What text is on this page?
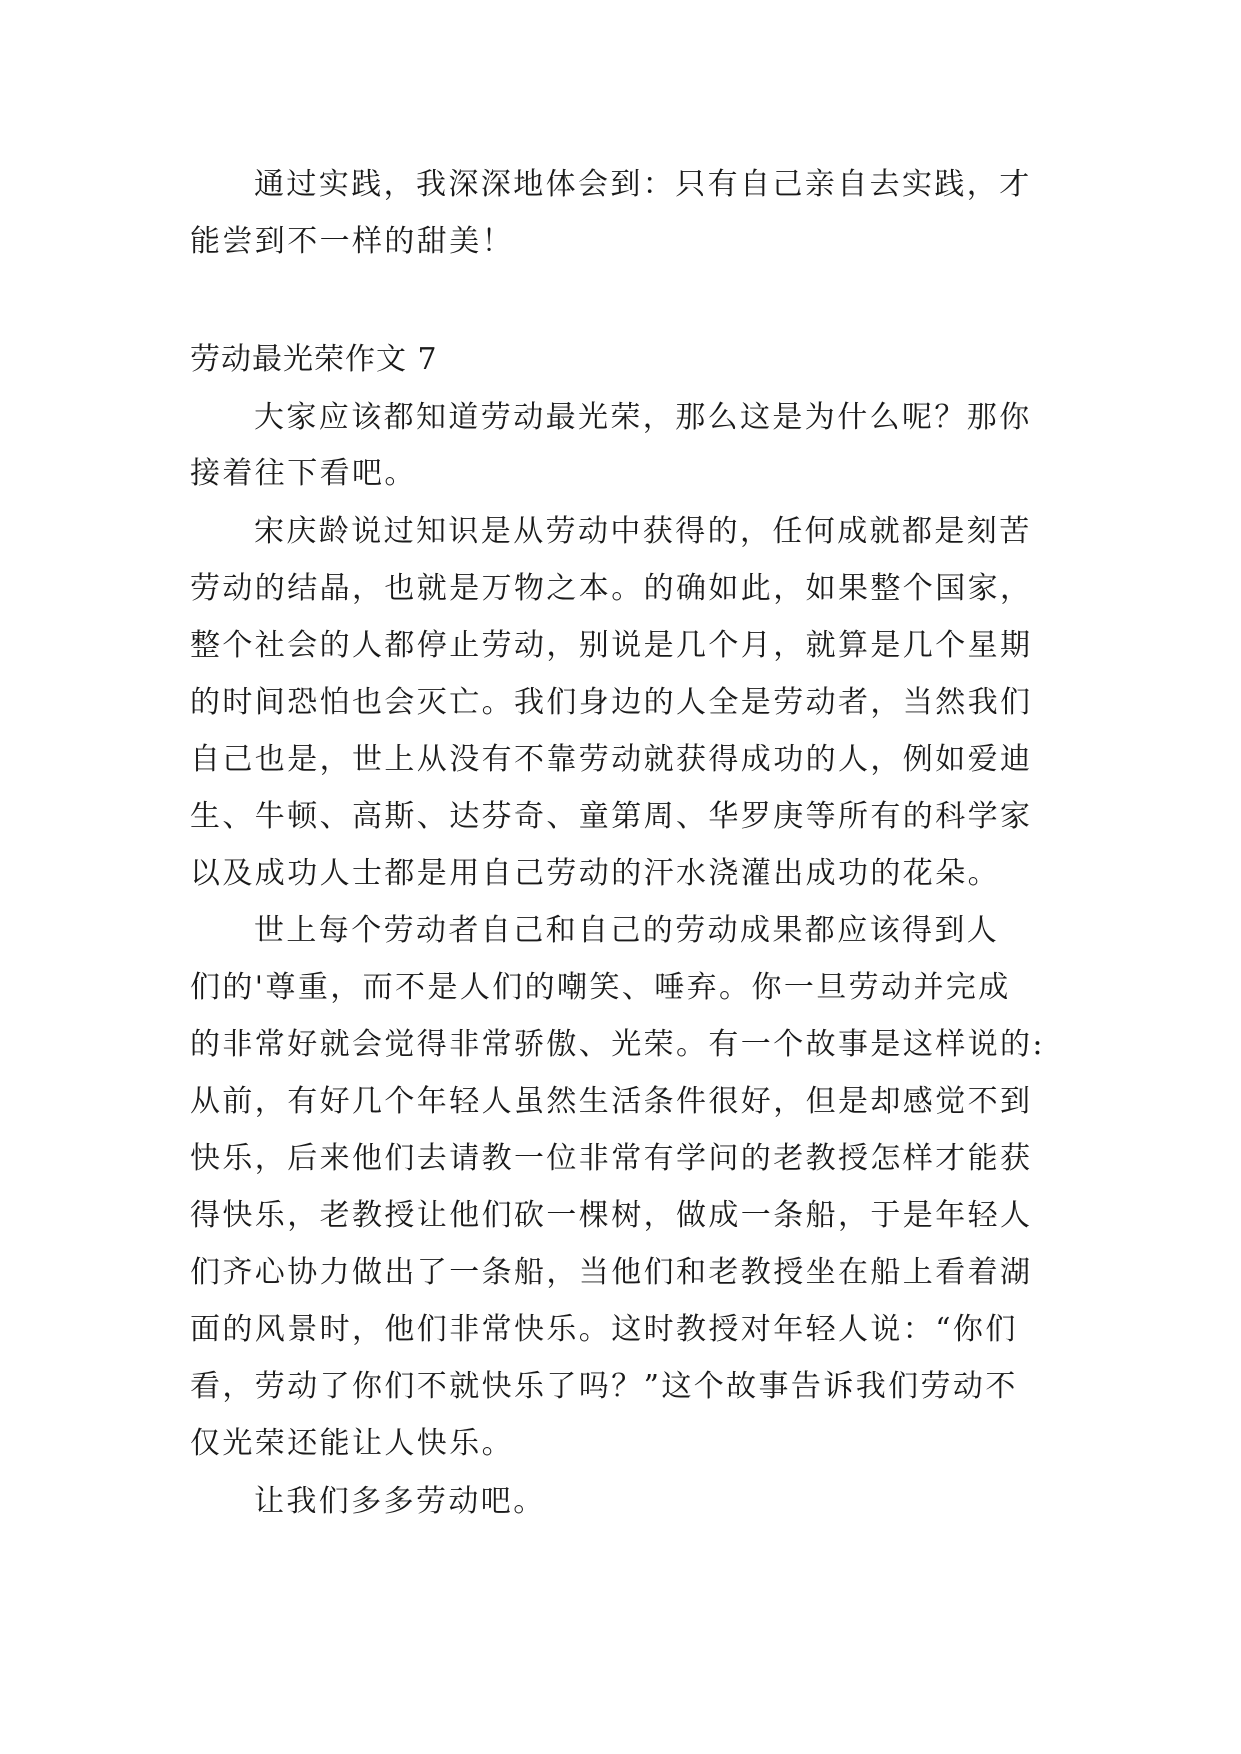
通过实践，我深深地体会到：只有自己亲自去实践，才
能尝到不一样的甜美！
劳动最光荣作文 7
大家应该都知道劳动最光荣，那么这是为什么呢？那你
接着往下看吧。
宋庆龄说过知识是从劳动中获得的，任何成就都是刻苦
劳动的结晶，也就是万物之本。的确如此，如果整个国家，
整个社会的人都停止劳动，别说是几个月，就算是几个星期
的时间恐怕也会灭亡。我们身边的人全是劳动者，当然我们
自己也是，世上从没有不靠劳动就获得成功的人，例如爱迪
生、牛顿、高斯、达芬奇、童第周、华罗庚等所有的科学家
以及成功人士都是用自己劳动的汗水浇灌出成功的花朵。
世上每个劳动者自己和自己的劳动成果都应该得到人
们的'尊重，而不是人们的嘲笑、唾弃。你一旦劳动并完成
的非常好就会觉得非常骄傲、光荣。有一个故事是这样说的:
从前，有好几个年轻人虽然生活条件很好，但是却感觉不到
快乐，后来他们去请教一位非常有学问的老教授怎样才能获
得快乐，老教授让他们砍一棵树，做成一条船，于是年轻人
们齐心协力做出了一条船，当他们和老教授坐在船上看着湖
面的风景时，他们非常快乐。这时教授对年轻人说：“你们
看，劳动了你们不就快乐了吗？”这个故事告诉我们劳动不
仅光荣还能让人快乐。
让我们多多劳动吧。
